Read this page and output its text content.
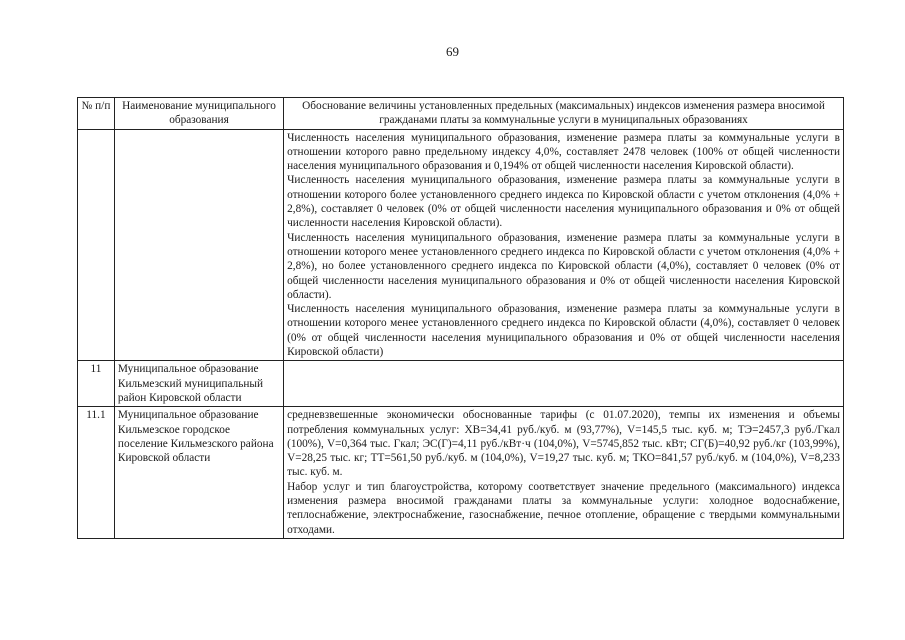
69
№ п/п	Наименование муниципального образования	Обоснование величины установленных предельных (максимальных) индексов изменения размера вносимой гражданами платы за коммунальные услуги в муниципальных образованиях

		Численность населения муниципального образования, изменение размера платы за коммунальные услуги в отношении которого равно предельному индексу 4,0%, составляет 2478 человек (100% от общей численности населения муниципального образования и 0,194% от общей численности населения Кировской области).

Численность населения муниципального образования, изменение размера платы за коммунальные услуги в отношении которого более установленного среднего индекса по Кировской области с учетом отклонения (4,0% + 2,8%), составляет 0 человек (0% от общей численности населения муниципального образования и 0% от общей численности населения Кировской области).

Численность населения муниципального образования, изменение размера платы за коммунальные услуги в отношении которого менее установленного среднего индекса по Кировской области с учетом отклонения (4,0% + 2,8%), но более установленного среднего индекса по Кировской области (4,0%), составляет 0 человек (0% от общей численности населения муниципального образования и 0% от общей численности населения Кировской области).

Численность населения муниципального образования, изменение размера платы за коммунальные услуги в отношении которого менее установленного среднего индекса по Кировской области (4,0%), составляет 0 человек (0% от общей численности населения муниципального образования и 0% от общей численности населения Кировской области)

11	Муниципальное образование Кильмезский муниципальный район Кировской области	

11.1	Муниципальное образование Кильмезское городское поселение Кильмезского района Кировской области	средневзвешенные экономически обоснованные тарифы (с 01.07.2020), темпы их изменения и объемы потребления коммунальных услуг: ХВ=34,41 руб./куб. м (93,77%), V=145,5 тыс. куб. м; ТЭ=2457,3 руб./Гкал (100%), V=0,364 тыс. Гкал; ЭС(Г)=4,11 руб./кВт·ч (104,0%), V=5745,852 тыс. кВт; СГ(Б)=40,92 руб./кг (103,99%), V=28,25 тыс. кг; ТТ=561,50 руб./куб. м (104,0%), V=19,27 тыс. куб. м; ТКО=841,57 руб./куб. м (104,0%), V=8,233 тыс. куб. м.

Набор услуг и тип благоустройства, которому соответствует значение предельного (максимального) индекса изменения размера вносимой гражданами платы за коммунальные услуги: холодное водоснабжение, теплоснабжение, электроснабжение, газоснабжение, печное отопление, обращение с твердыми коммунальными отходами.
